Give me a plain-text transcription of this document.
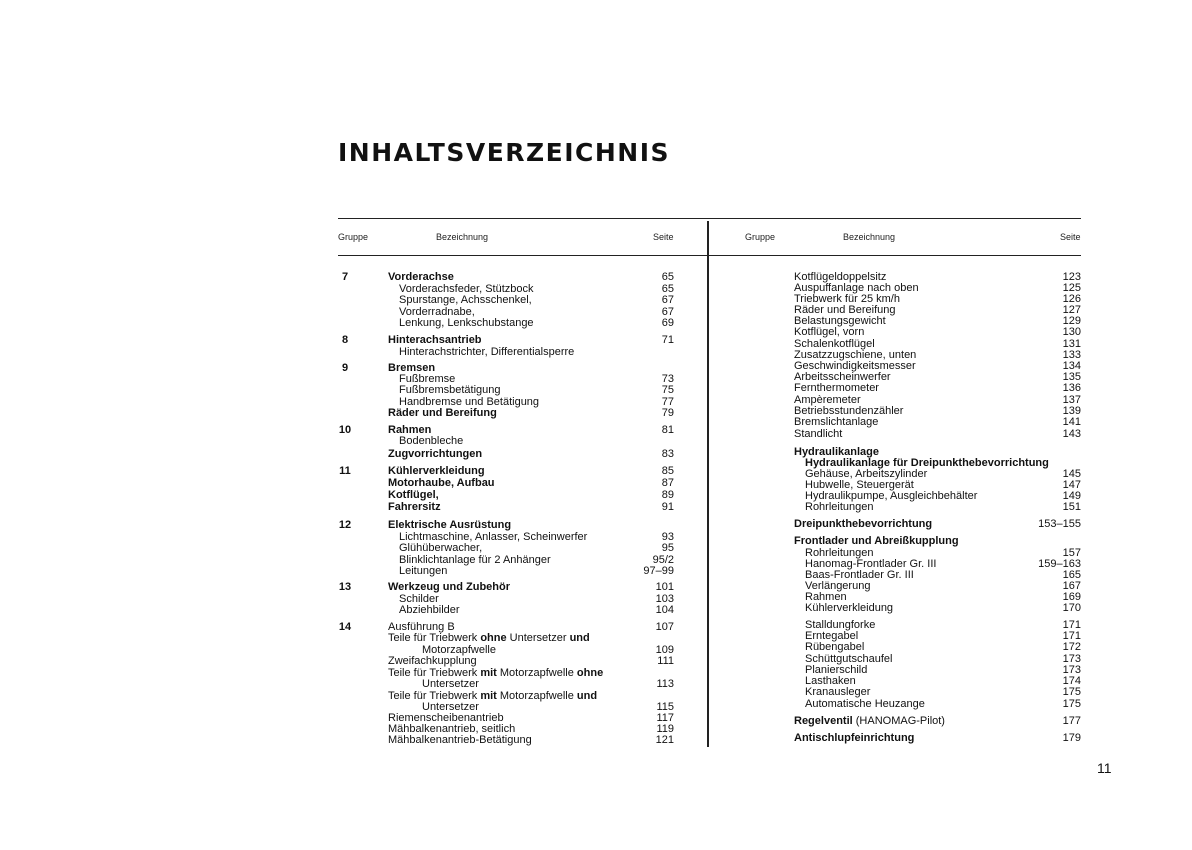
INHALTSVERZEICHNIS
Gruppe	Bezeichnung	Seite	Gruppe	Bezeichnung	Seite
7	Vorderachse	65
Vorderachsfeder, Stützbock	65
Spurstange, Achsschenkel,	67
Vorderradnabe,	67
Lenkung, Lenkschubstange	69
8	Hinterachsantrieb	71
Hinterachstrichter, Differentialsperre
9	Bremsen
Fußbremse	73
Fußbremsbetätigung	75
Handbremse und Betätigung	77
Räder und Bereifung	79
10	Rahmen	81
Bodenbleche
Zugvorrichtungen	83
11	Kühlerverkleidung	85
Motorhaube, Aufbau	87
Kotflügel,	89
Fahrersitz	91
12	Elektrische Ausrüstung
Lichtmaschine, Anlasser, Scheinwerfer	93
Glühüberwacher,	95
Blinklichtanlage für 2 Anhänger	95/2
Leitungen	97–99
13	Werkzeug und Zubehör	101
Schilder	103
Abziehbilder	104
14	Ausführung B	107
Teile für Triebwerk ohne Untersetzer und
Motorzapfwelle	109
Zweifachkupplung	111
Teile für Triebwerk mit Motorzapfwelle ohne
Untersetzer	113
Teile für Triebwerk mit Motorzapfwelle und
Untersetzer	115
Riemenscheibenantrieb	117
Mähbalkenantrieb, seitlich	119
Mähbalkenantrieb-Betätigung	121
Kotflügeldoppelsitz	123
Auspuffanlage nach oben	125
Triebwerk für 25 km/h	126
Räder und Bereifung	127
Belastungsgewicht	129
Kotflügel, vorn	130
Schalenkotflügel	131
Zusatzzugschiene, unten	133
Geschwindigkeitsmesser	134
Arbeitsscheinwerfer	135
Fernthermometer	136
Ampèremeter	137
Betriebsstundenzähler	139
Bremslichtanlage	141
Standlicht	143
Hydraulikanlage
Hydraulikanlage für Dreipunkthebevorrichtung
Gehäuse, Arbeitszylinder	145
Hubwelle, Steuergerät	147
Hydraulikpumpe, Ausgleichbehälter	149
Rohrleitungen	151
Dreipunkthebevorrichtung	153–155
Frontlader und Abreißkupplung
Rohrleitungen	157
Hanomag-Frontlader Gr. III	159–163
Baas-Frontlader Gr. III	165
Verlängerung	167
Rahmen	169
Kühlerverkleidung	170
Stalldungforke	171
Erntegabel	171
Rübengabel	172
Schüttgutschaufel	173
Planierschild	173
Lasthaken	174
Kranausleger	175
Automatische Heuzange	175
Regelventil (HANOMAG-Pilot)	177
Antischlupfeinrichtung	179
11
